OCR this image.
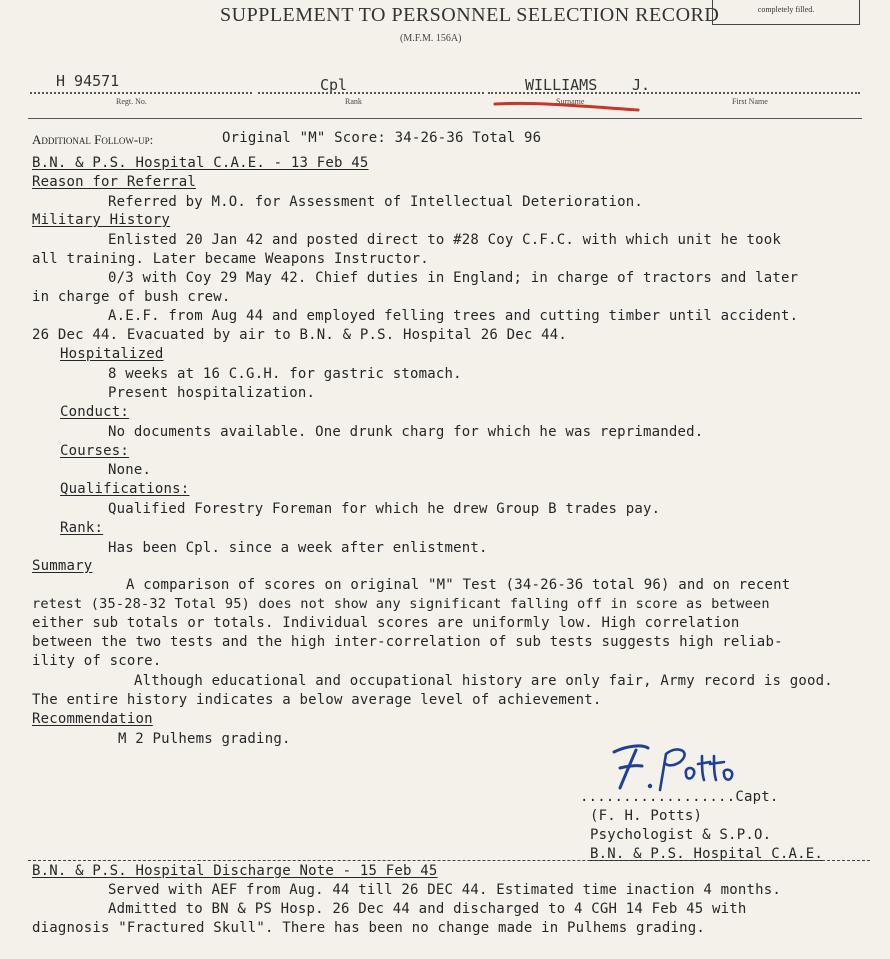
SUPPLEMENT TO PERSONNEL SELECTION RECORD
(M.F.M. 156A)
completely filled.
H 94571
Regt. No.
Cpl
Rank
WILLIAMS J.
Surname	First Name
Additional Follow-up:	Original "M" Score: 34-26-36 Total 96
B.N. & P.S. Hospital C.A.E. - 13 Feb 45
Reason for Referral
Referred by M.O. for Assessment of Intellectual Deterioration.
Military History
Enlisted 20 Jan 42 and posted direct to #28 Coy C.F.C. with which unit he took
all training. Later became Weapons Instructor.
0/3 with Coy 29 May 42. Chief duties in England; in charge of tractors and later
in charge of bush crew.
A.E.F. from Aug 44 and employed felling trees and cutting timber until accident.
26 Dec 44. Evacuated by air to B.N. & P.S. Hospital 26 Dec 44.
Hospitalized
8 weeks at 16 C.G.H. for gastric stomach.
Present hospitalization.
Conduct:
No documents available. One drunk charg for which he was reprimanded.
Courses:
None.
Qualifications:
Qualified Forestry Foreman for which he drew Group B trades pay.
Rank:
Has been Cpl. since a week after enlistment.
Summary
A comparison of scores on original "M" Test (34-26-36 total 96) and on recent
retest (35-28-32 Total 95) does not show any significant falling off in score as between
either sub totals or totals. Individual scores are uniformly low. High correlation
between the two tests and the high inter-correlation of sub tests suggests high reliab-
ility of score.
Although educational and occupational history are only fair, Army record is good.
The entire history indicates a below average level of achievement.
Recommendation
M 2 Pulhems grading.
..................Capt.
(F. H. Potts)
Psychologist & S.P.O.
B.N. & P.S. Hospital C.A.E.
B.N. & P.S. Hospital Discharge Note - 15 Feb 45
Served with AEF from Aug. 44 till 26 DEC 44. Estimated time inaction 4 months.
Admitted to BN & PS Hosp. 26 Dec 44 and discharged to 4 CGH 14 Feb 45 with
diagnosis "Fractured Skull". There has been no change made in Pulhems grading.
